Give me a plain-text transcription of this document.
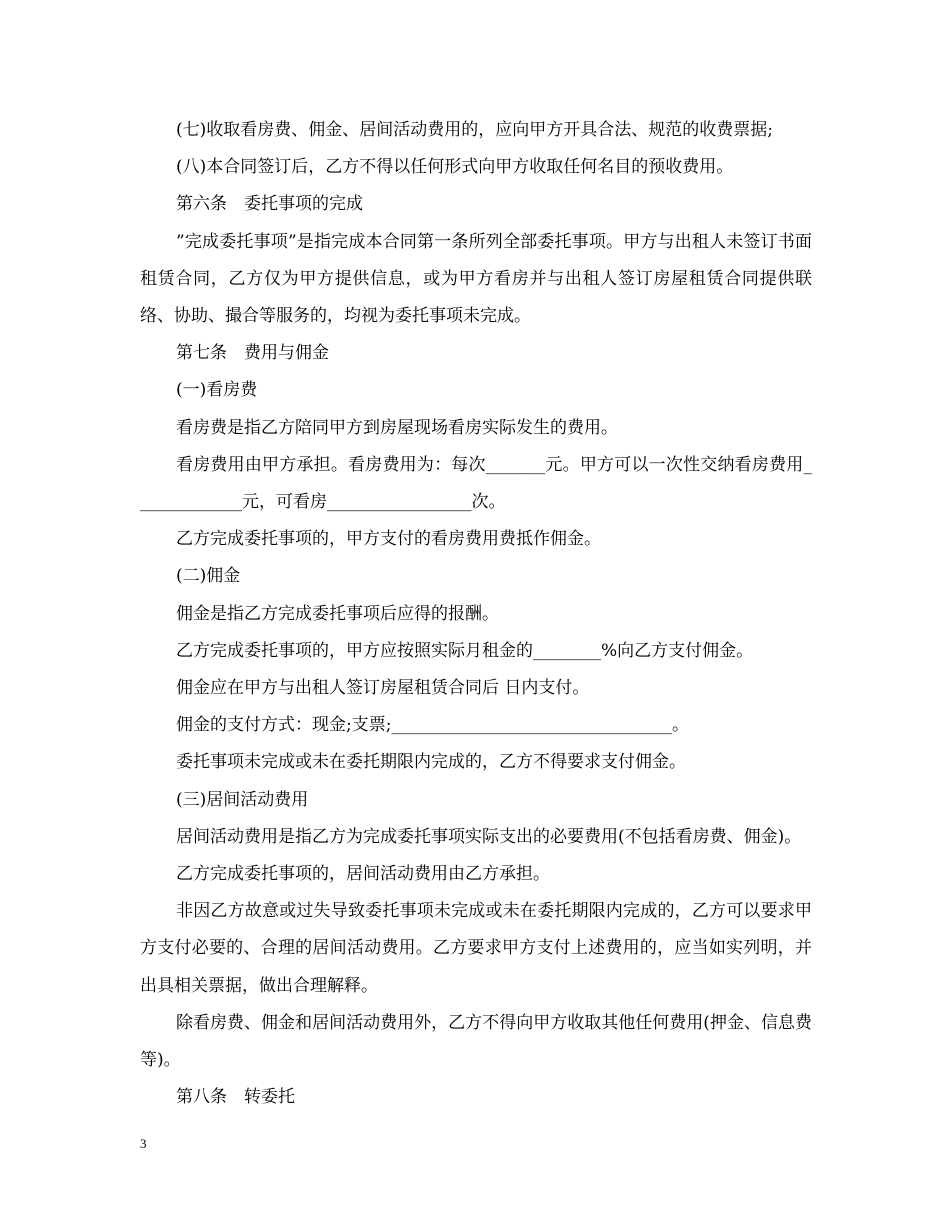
(七)收取看房费、佣金、居间活动费用的，应向甲方开具合法、规范的收费票据;

(八)本合同签订后，乙方不得以任何形式向甲方收取任何名目的预收费用。

第六条　委托事项的完成

”完成委托事项”是指完成本合同第一条所列全部委托事项。甲方与出租人未签订书面租赁合同，乙方仅为甲方提供信息，或为甲方看房并与出租人签订房屋租赁合同提供联络、协助、撮合等服务的，均视为委托事项未完成。

第七条　费用与佣金

(一)看房费

看房费是指乙方陪同甲方到房屋现场看房实际发生的费用。

看房费用由甲方承担。看房费用为：每次_______元。甲方可以一次性交纳看房费用_____________元，可看房_________________次。

乙方完成委托事项的，甲方支付的看房费用费抵作佣金。

(二)佣金

佣金是指乙方完成委托事项后应得的报酬。

乙方完成委托事项的，甲方应按照实际月租金的________%向乙方支付佣金。

佣金应在甲方与出租人签订房屋租赁合同后 日内支付。

佣金的支付方式：现金;支票;_________________________________。

委托事项未完成或未在委托期限内完成的，乙方不得要求支付佣金。

(三)居间活动费用

居间活动费用是指乙方为完成委托事项实际支出的必要费用(不包括看房费、佣金)。

乙方完成委托事项的，居间活动费用由乙方承担。

非因乙方故意或过失导致委托事项未完成或未在委托期限内完成的，乙方可以要求甲方支付必要的、合理的居间活动费用。乙方要求甲方支付上述费用的，应当如实列明，并出具相关票据，做出合理解释。

除看房费、佣金和居间活动费用外，乙方不得向甲方收取其他任何费用(押金、信息费等)。

第八条　转委托

3
